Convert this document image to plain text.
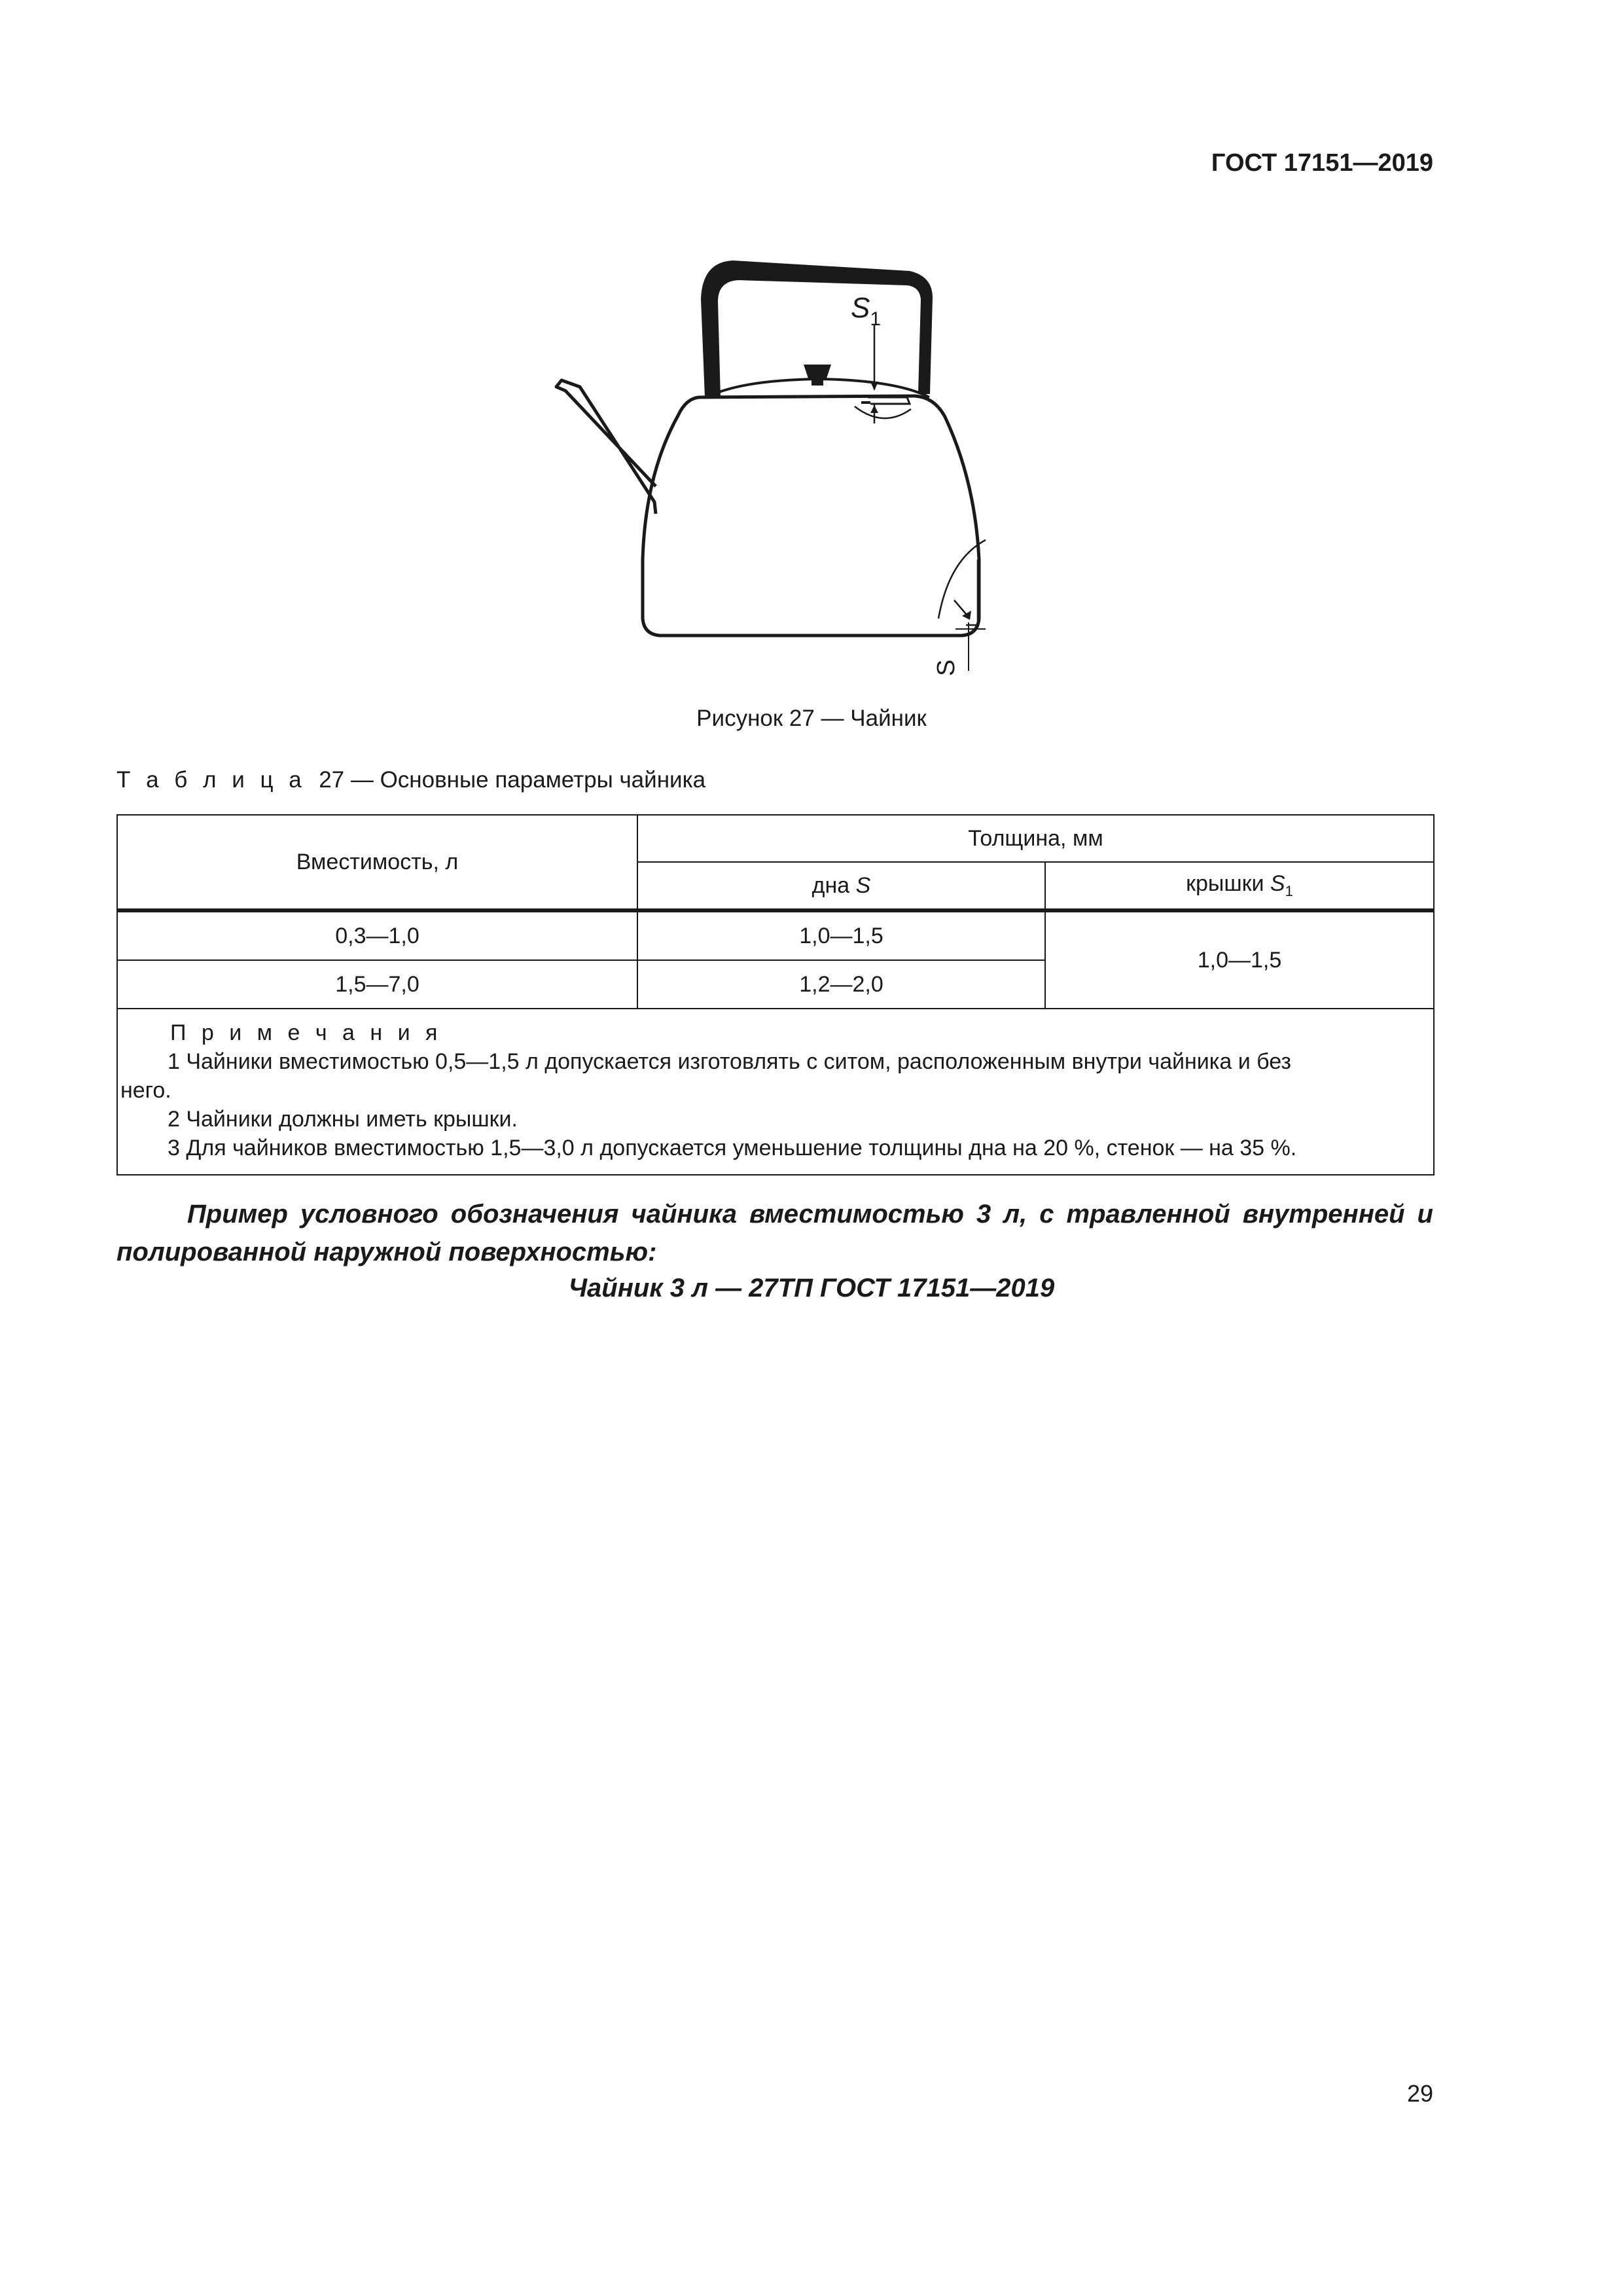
ГОСТ 17151—2019
$S_1$
S
Рисунок 27 — Чайник
Т а б л и ц а 27 — Основные параметры чайника
Вместимость, л	Толщина, мм	
	дна S	крышки $S_1$
0,3—1,0	1,0—1,5	1,0—1,5
1,5—7,0	1,2—2,0	

П р и м е ч а н и я
1 Чайники вместимостью 0,5—1,5 л допускается изготовлять с ситом, расположенным внутри чайника и без
него.
2 Чайники должны иметь крышки.
3 Для чайников вместимостью 1,5—3,0 л допускается уменьшение толщины дна на 20 %, стенок — на 35 %.		
Пример условного обозначения чайника вместимостью 3 л, с травленной внутренней и полированной наружной поверхностью:
Чайник 3 л — 27ТП ГОСТ 17151—2019
29
